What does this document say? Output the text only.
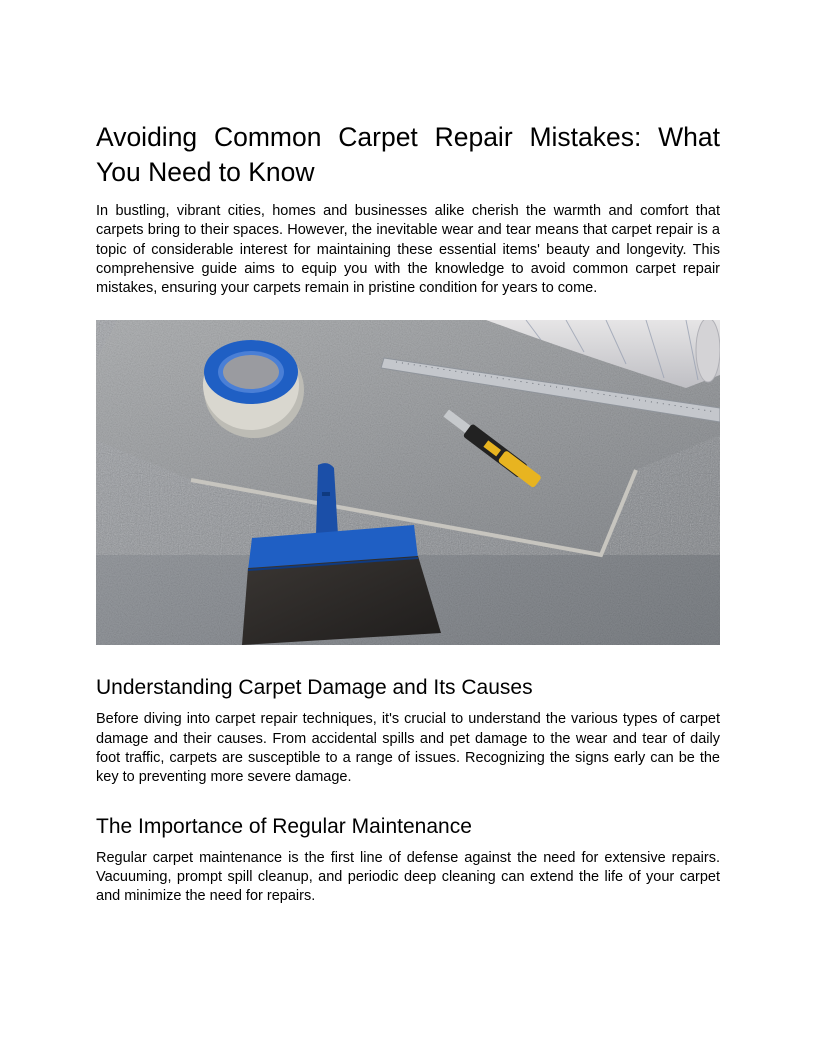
Avoiding Common Carpet Repair Mistakes: What You Need to Know

In bustling, vibrant cities, homes and businesses alike cherish the warmth and comfort that carpets bring to their spaces. However, the inevitable wear and tear means that carpet repair is a topic of considerable interest for maintaining these essential items' beauty and longevity. This comprehensive guide aims to equip you with the knowledge to avoid common carpet repair mistakes, ensuring your carpets remain in pristine condition for years to come.

Understanding Carpet Damage and Its Causes

Before diving into carpet repair techniques, it's crucial to understand the various types of carpet damage and their causes. From accidental spills and pet damage to the wear and tear of daily foot traffic, carpets are susceptible to a range of issues. Recognizing the signs early can be the key to preventing more severe damage.

The Importance of Regular Maintenance

Regular carpet maintenance is the first line of defense against the need for extensive repairs. Vacuuming, prompt spill cleanup, and periodic deep cleaning can extend the life of your carpet and minimize the need for repairs.
